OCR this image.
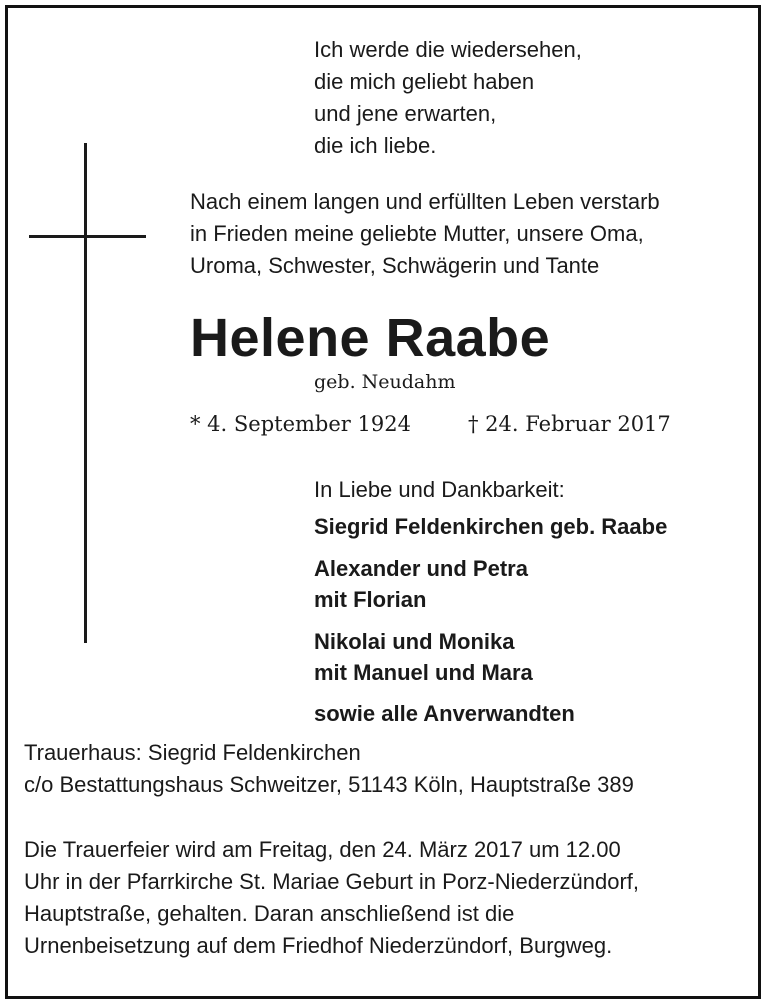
Ich werde die wiedersehen,
die mich geliebt haben
und jene erwarten,
die ich liebe.
Nach einem langen und erfüllten Leben verstarb
in Frieden meine geliebte Mutter, unsere Oma,
Uroma, Schwester, Schwägerin und Tante
Helene Raabe
geb. Neudahm
* 4. September 1924	† 24. Februar 2017
In Liebe und Dankbarkeit:
Siegrid Feldenkirchen geb. Raabe
Alexander und Petra
mit Florian
Nikolai und Monika
mit Manuel und Mara
sowie alle Anverwandten
Trauerhaus: Siegrid Feldenkirchen
c/o Bestattungshaus Schweitzer, 51143 Köln, Hauptstraße 389
Die Trauerfeier wird am Freitag, den 24. März 2017 um 12.00
Uhr in der Pfarrkirche St. Mariae Geburt in Porz-Niederzündorf,
Hauptstraße, gehalten. Daran anschließend ist die
Urnenbeisetzung auf dem Friedhof Niederzündorf, Burgweg.
